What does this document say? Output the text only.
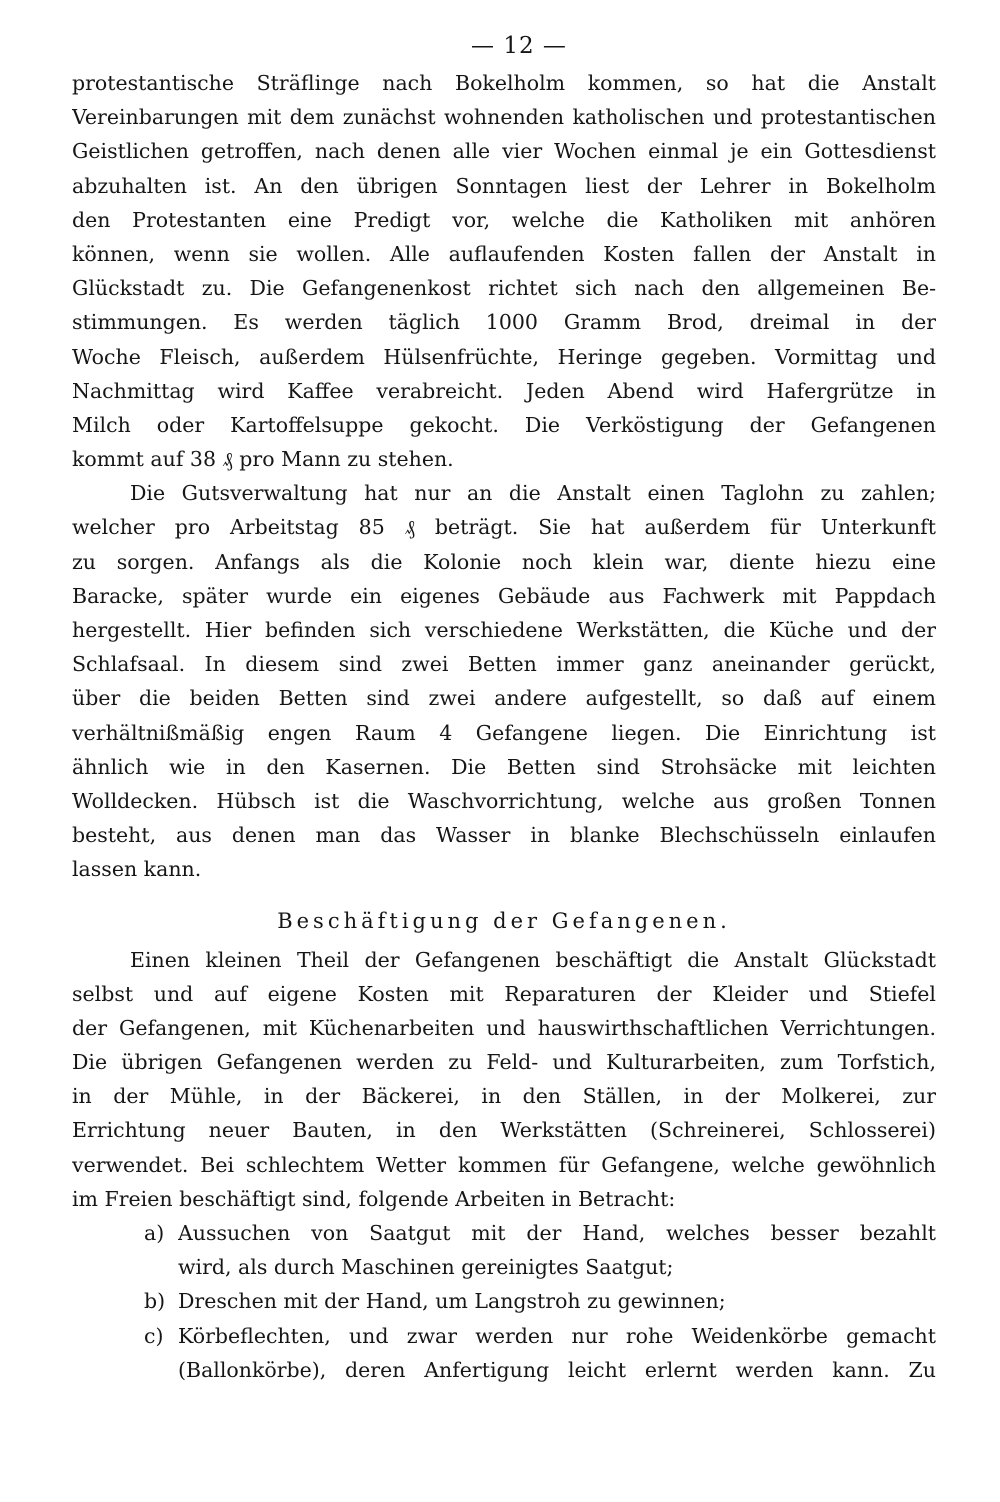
— 12 —
protestantische Sträflinge nach Bokelholm kommen, so hat die Anstalt
Vereinbarungen mit dem zunächst wohnenden katholischen und protestantischen
Geistlichen getroffen, nach denen alle vier Wochen einmal je ein Gottesdienst
abzuhalten ist. An den übrigen Sonntagen liest der Lehrer in Bokelholm
den Protestanten eine Predigt vor, welche die Katholiken mit anhören
können, wenn sie wollen. Alle auflaufenden Kosten fallen der Anstalt in
Glückstadt zu. Die Gefangenenkost richtet sich nach den allgemeinen Be-
stimmungen. Es werden täglich 1000 Gramm Brod, dreimal in der
Woche Fleisch, außerdem Hülsenfrüchte, Heringe gegeben. Vormittag und
Nachmittag wird Kaffee verabreicht. Jeden Abend wird Hafergrütze in
Milch oder Kartoffelsuppe gekocht. Die Verköstigung der Gefangenen
kommt auf 38 ₰ pro Mann zu stehen.
Die Gutsverwaltung hat nur an die Anstalt einen Taglohn zu zahlen;
welcher pro Arbeitstag 85 ₰ beträgt. Sie hat außerdem für Unterkunft
zu sorgen. Anfangs als die Kolonie noch klein war, diente hiezu eine
Baracke, später wurde ein eigenes Gebäude aus Fachwerk mit Pappdach
hergestellt. Hier befinden sich verschiedene Werkstätten, die Küche und der
Schlafsaal. In diesem sind zwei Betten immer ganz aneinander gerückt,
über die beiden Betten sind zwei andere aufgestellt, so daß auf einem
verhältnißmäßig engen Raum 4 Gefangene liegen. Die Einrichtung ist
ähnlich wie in den Kasernen. Die Betten sind Strohsäcke mit leichten
Wolldecken. Hübsch ist die Waschvorrichtung, welche aus großen Tonnen
besteht, aus denen man das Wasser in blanke Blechschüsseln einlaufen
lassen kann.
Beschäftigung der Gefangenen.
Einen kleinen Theil der Gefangenen beschäftigt die Anstalt Glückstadt
selbst und auf eigene Kosten mit Reparaturen der Kleider und Stiefel
der Gefangenen, mit Küchenarbeiten und hauswirthschaftlichen Verrichtungen.
Die übrigen Gefangenen werden zu Feld- und Kulturarbeiten, zum Torfstich,
in der Mühle, in der Bäckerei, in den Ställen, in der Molkerei, zur
Errichtung neuer Bauten, in den Werkstätten (Schreinerei, Schlosserei)
verwendet. Bei schlechtem Wetter kommen für Gefangene, welche gewöhnlich
im Freien beschäftigt sind, folgende Arbeiten in Betracht:
a) Aussuchen von Saatgut mit der Hand, welches besser bezahlt
wird, als durch Maschinen gereinigtes Saatgut;
b) Dreschen mit der Hand, um Langstroh zu gewinnen;
c) Körbeflechten, und zwar werden nur rohe Weidenkörbe gemacht
(Ballonkörbe), deren Anfertigung leicht erlernt werden kann. Zu
